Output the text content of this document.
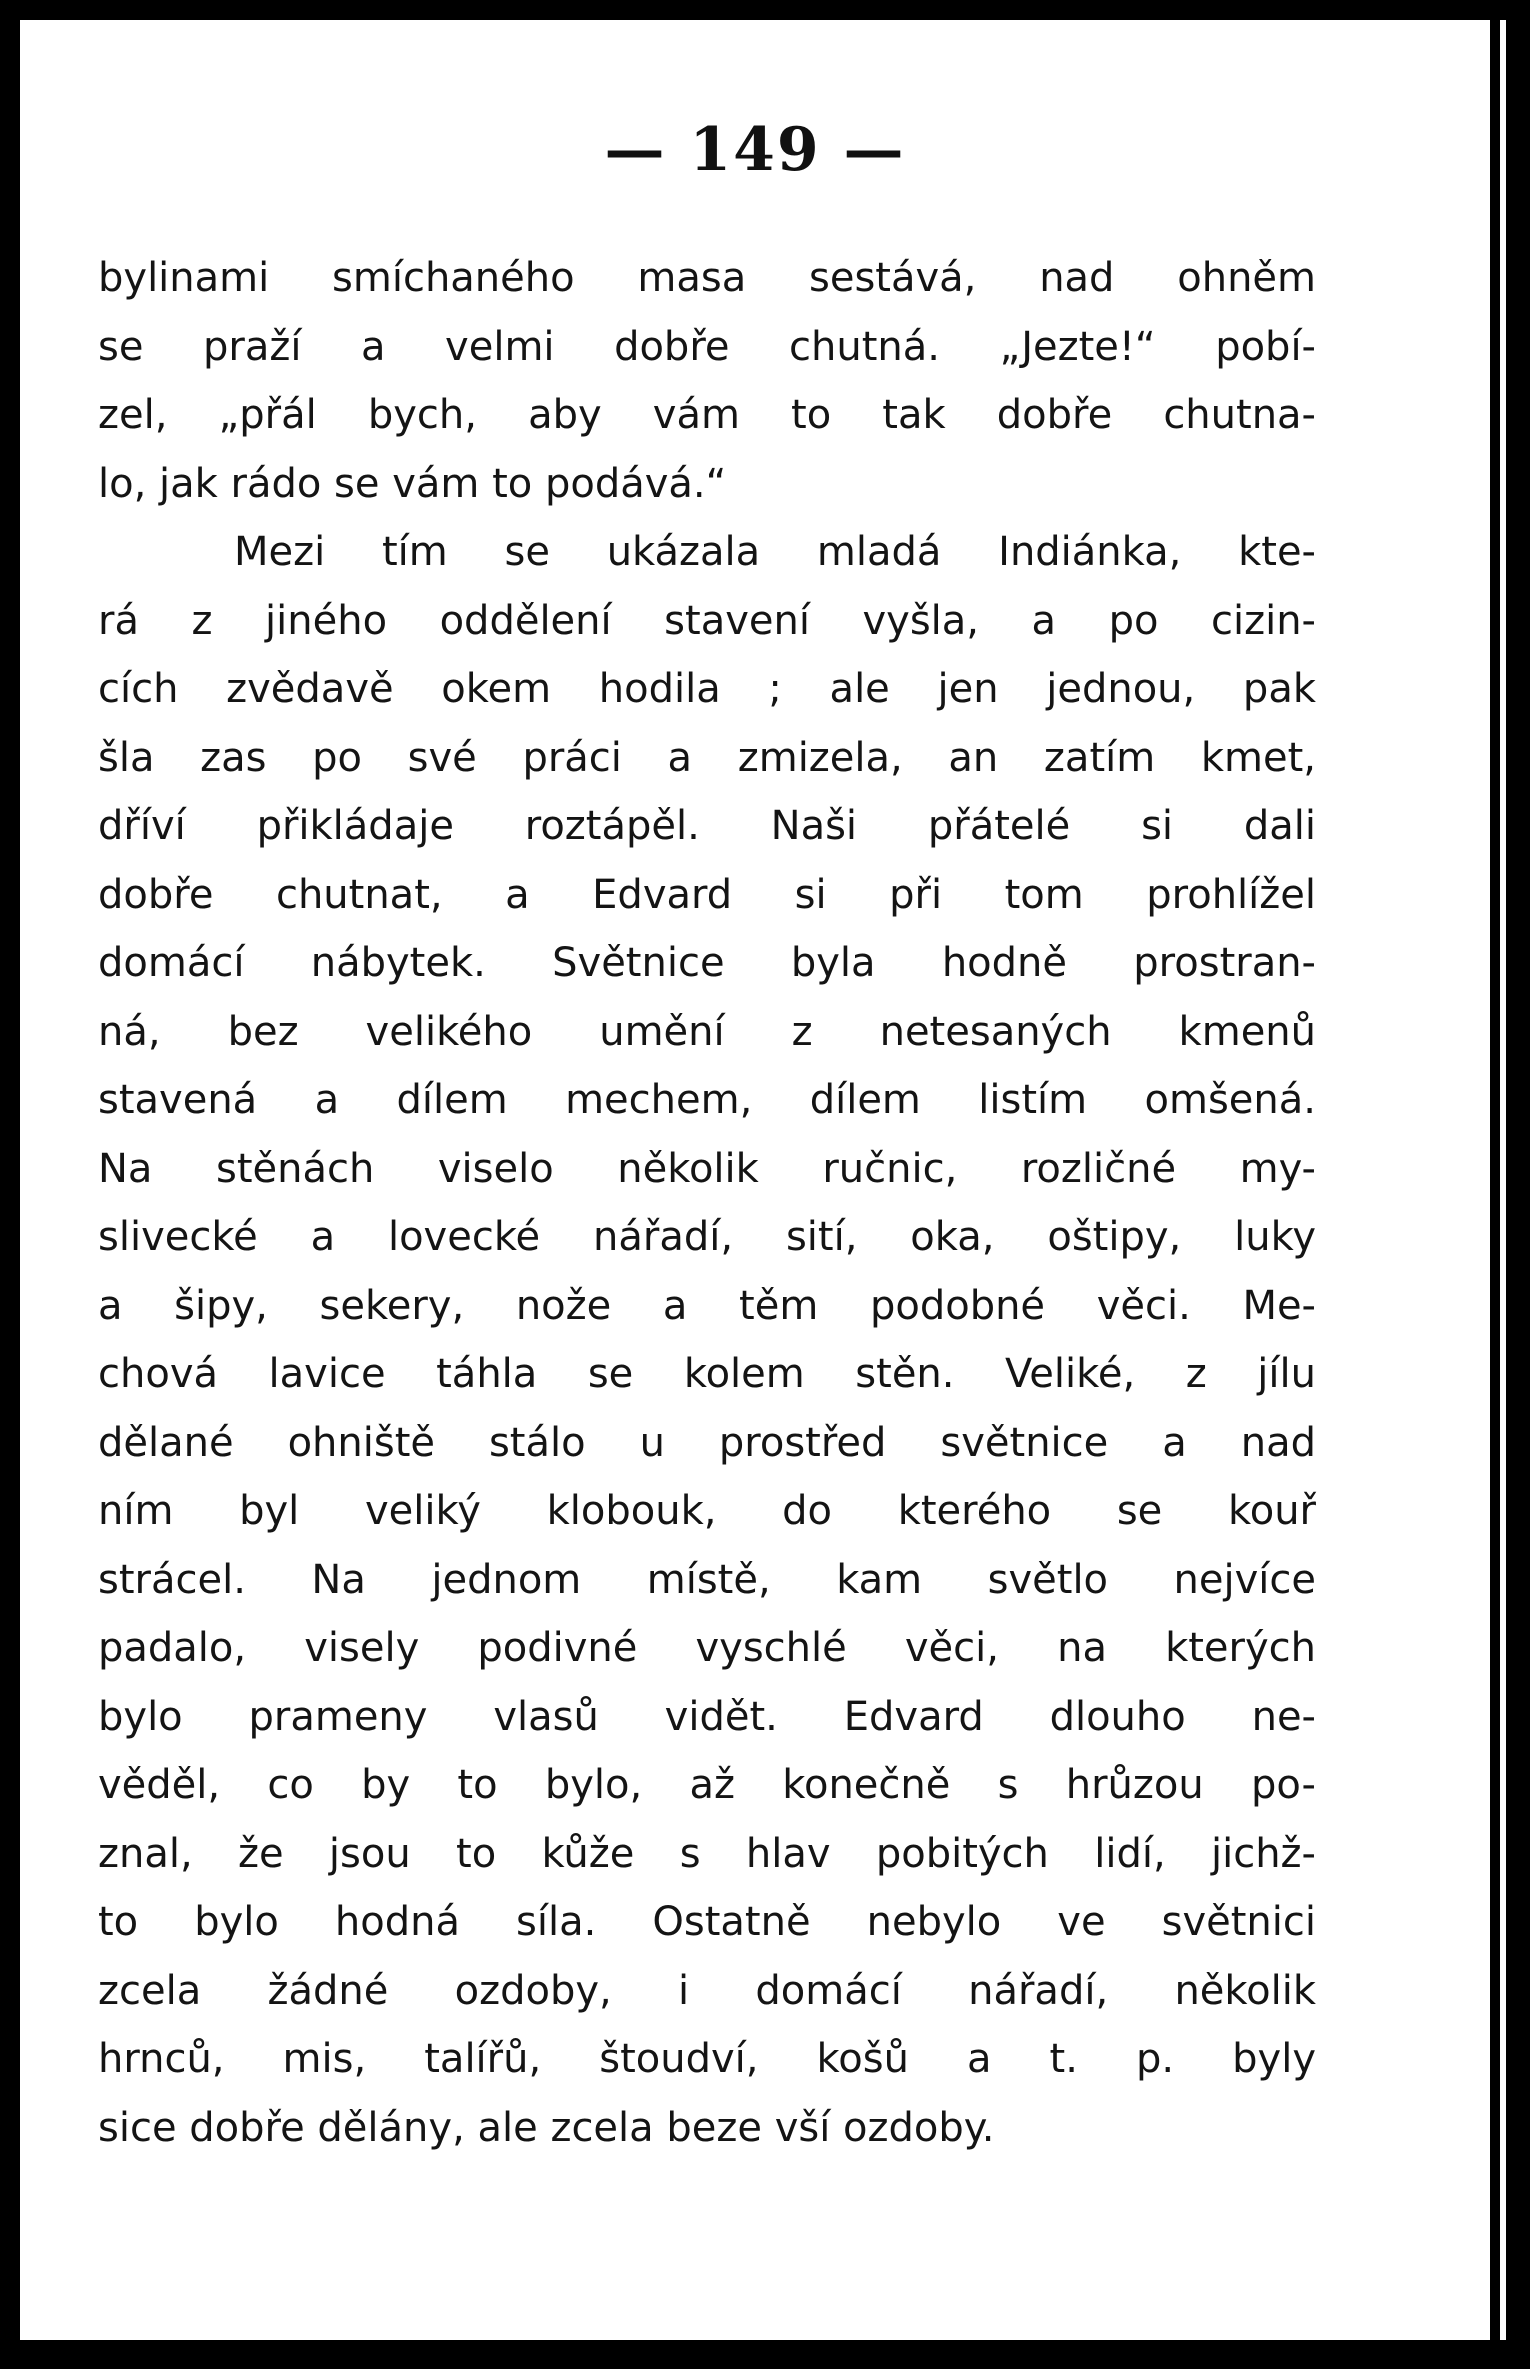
— 149 —

bylinami smíchaného masa sestává, nad ohněm
se praží a velmi dobře chutná. „Jezte!“ pobí-
zel, „přál bych, aby vám to tak dobře chutna-
lo, jak rádo se vám to podává.“
Mezi tím se ukázala mladá Indiánka, kte-
rá z jiného oddělení stavení vyšla, a po cizin-
cích zvědavě okem hodila ; ale jen jednou, pak
šla zas po své práci a zmizela, an zatím kmet,
dříví přikládaje roztápěl. Naši přátelé si dali
dobře chutnat, a Edvard si při tom prohlížel
domácí nábytek. Světnice byla hodně prostran-
ná, bez velikého umění z netesaných kmenů
stavená a dílem mechem, dílem listím omšená.
Na stěnách viselo několik ručnic, rozličné my-
slivecké a lovecké nářadí, sití, oka, oštipy, luky
a šipy, sekery, nože a těm podobné věci. Me-
chová lavice táhla se kolem stěn. Veliké, z jílu
dělané ohniště stálo u prostřed světnice a nad
ním byl veliký klobouk, do kterého se kouř
strácel. Na jednom místě, kam světlo nejvíce
padalo, visely podivné vyschlé věci, na kterých
bylo prameny vlasů vidět. Edvard dlouho ne-
věděl, co by to bylo, až konečně s hrůzou po-
znal, že jsou to kůže s hlav pobitých lidí, jichž-
to bylo hodná síla. Ostatně nebylo ve světnici
zcela žádné ozdoby, i domácí nářadí, několik
hrnců, mis, talířů, štoudví, košů a t. p. byly
sice dobře dělány, ale zcela beze vší ozdoby.
